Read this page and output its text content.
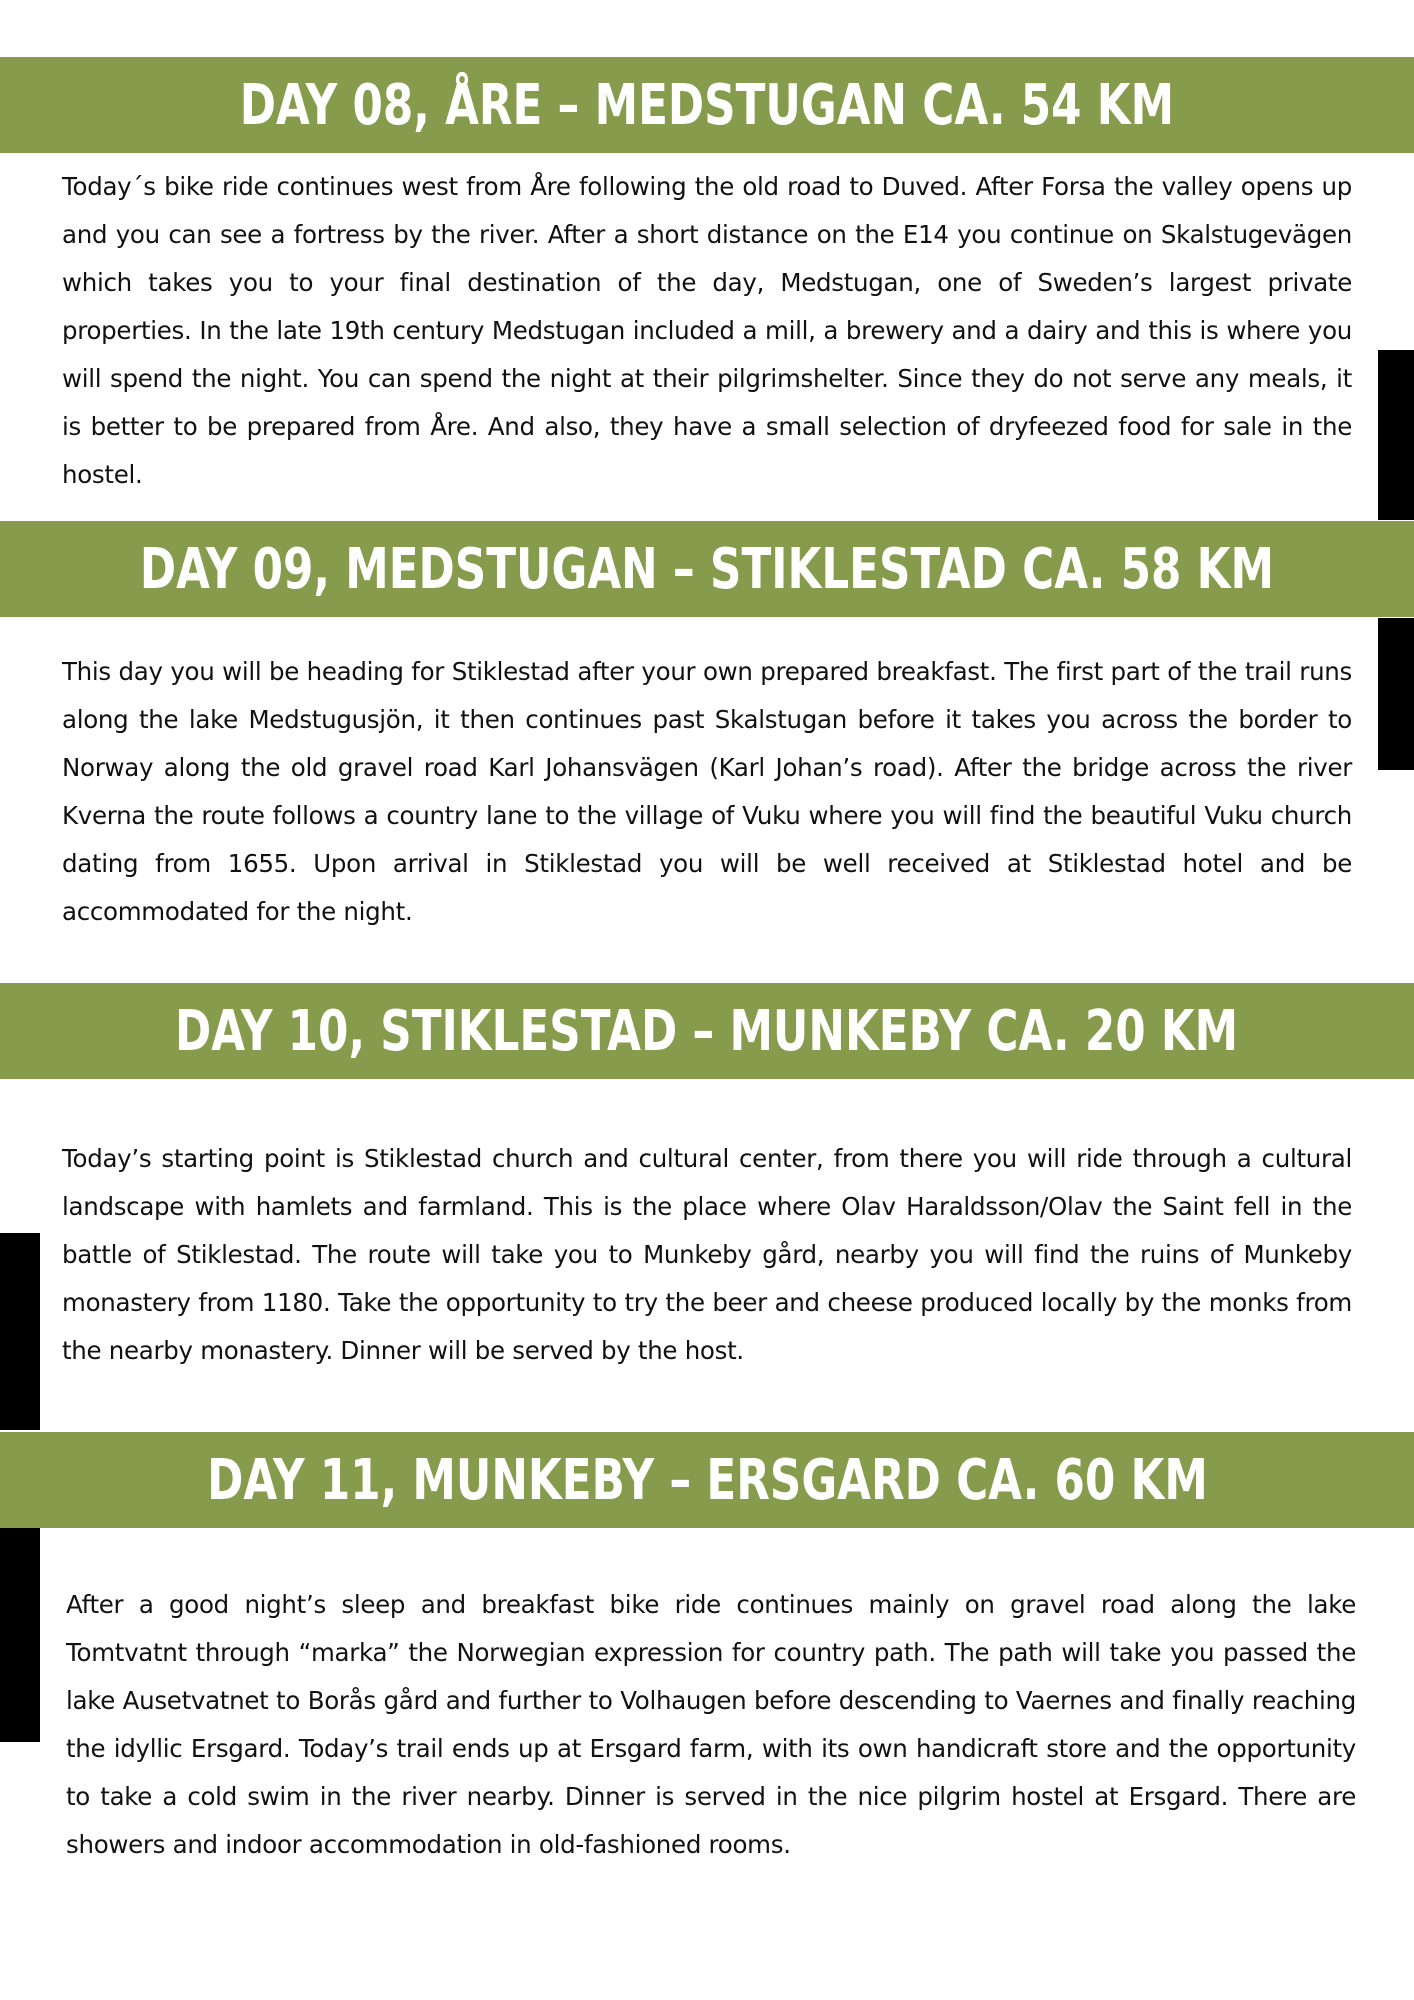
DAY 08, ÅRE – MEDSTUGAN CA. 54 KM

Today´s bike ride continues west from Åre following the old road to Duved. After Forsa the valley opens up and you can see a fortress by the river. After a short distance on the E14 you continue on Skalstugevägen which takes you to your final destination of the day, Medstugan, one of Sweden’s largest private properties. In the late 19th century Medstugan included a mill, a brewery and a dairy and this is where you will spend the night. You can spend the night at their pilgrimshelter. Since they do not serve any meals, it is better to be prepared from Åre. And also, they have a small selection of dryfeezed food for sale in the hostel.

DAY 09, MEDSTUGAN – STIKLESTAD CA. 58 KM

This day you will be heading for Stiklestad after your own prepared breakfast. The first part of the trail runs along the lake Medstugusjön, it then continues past Skalstugan before it takes you across the border to Norway along the old gravel road Karl Johansvägen (Karl Johan’s road). After the bridge across the river Kverna the route follows a country lane to the village of Vuku where you will find the beautiful Vuku church dating from 1655. Upon arrival in Stiklestad you will be well received at Stiklestad hotel and be accommodated for the night.

DAY 10, STIKLESTAD – MUNKEBY CA. 20 KM

Today’s starting point is Stiklestad church and cultural center, from there you will ride through a cultural landscape with hamlets and farmland. This is the place where Olav Haraldsson/Olav the Saint fell in the battle of Stiklestad. The route will take you to Munkeby gård, nearby you will find the ruins of Munkeby monastery from 1180. Take the opportunity to try the beer and cheese produced locally by the monks from the nearby monastery. Dinner will be served by the host.

DAY 11, MUNKEBY – ERSGARD CA. 60 KM

After a good night’s sleep and breakfast bike ride continues mainly on gravel road along the lake Tomtvatnt through “marka” the Norwegian expression for country path. The path will take you passed the lake Ausetvatnet to Borås gård and further to Volhaugen before descending to Vaernes and finally reaching the idyllic Ersgard. Today’s trail ends up at Ersgard farm, with its own handicraft store and the opportunity to take a cold swim in the river nearby. Dinner is served in the nice pilgrim hostel at Ersgard. There are showers and indoor accommodation in old-fashioned rooms.
